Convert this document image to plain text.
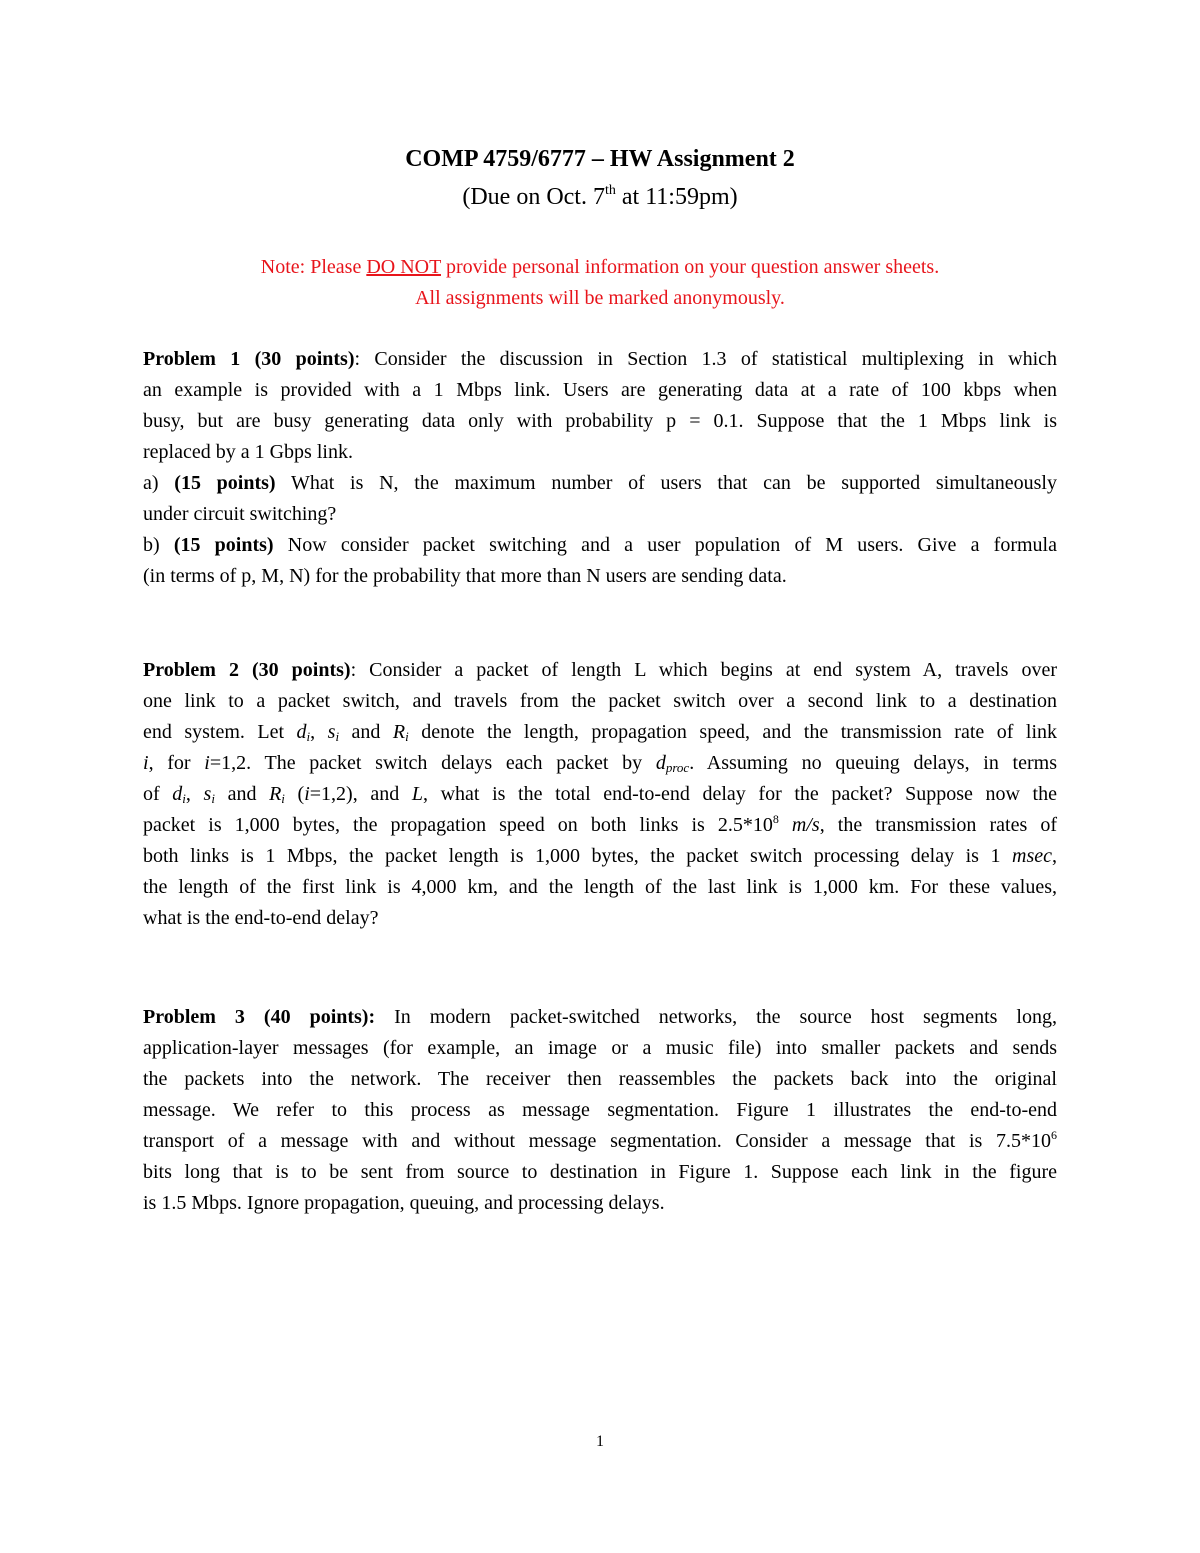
COMP 4759/6777 – HW Assignment 2
(Due on Oct. 7th at 11:59pm)
Note: Please DO NOT provide personal information on your question answer sheets.
All assignments will be marked anonymously.
Problem 1 (30 points): Consider the discussion in Section 1.3 of statistical multiplexing in which
an example is provided with a 1 Mbps link. Users are generating data at a rate of 100 kbps when
busy, but are busy generating data only with probability p = 0.1. Suppose that the 1 Mbps link is
replaced by a 1 Gbps link.
a) (15 points) What is N, the maximum number of users that can be supported simultaneously
under circuit switching?
b) (15 points) Now consider packet switching and a user population of M users. Give a formula
(in terms of p, M, N) for the probability that more than N users are sending data.
Problem 2 (30 points): Consider a packet of length L which begins at end system A, travels over
one link to a packet switch, and travels from the packet switch over a second link to a destination
end system. Let $d_i$, $s_i$ and $R_i$ denote the length, propagation speed, and the transmission rate of link
i, for i=1,2. The packet switch delays each packet by $d_{proc}$. Assuming no queuing delays, in terms
of $d_i$, $s_i$ and $R_i$ (i=1,2), and L, what is the total end-to-end delay for the packet? Suppose now the
packet is 1,000 bytes, the propagation speed on both links is $2.5*10^8$ m/s, the transmission rates of
both links is 1 Mbps, the packet length is 1,000 bytes, the packet switch processing delay is 1 msec,
the length of the first link is 4,000 km, and the length of the last link is 1,000 km. For these values,
what is the end-to-end delay?
Problem 3 (40 points): In modern packet-switched networks, the source host segments long,
application-layer messages (for example, an image or a music file) into smaller packets and sends
the packets into the network. The receiver then reassembles the packets back into the original
message. We refer to this process as message segmentation. Figure 1 illustrates the end-to-end
transport of a message with and without message segmentation. Consider a message that is $7.5*10^6$
bits long that is to be sent from source to destination in Figure 1. Suppose each link in the figure
is 1.5 Mbps. Ignore propagation, queuing, and processing delays.
1
